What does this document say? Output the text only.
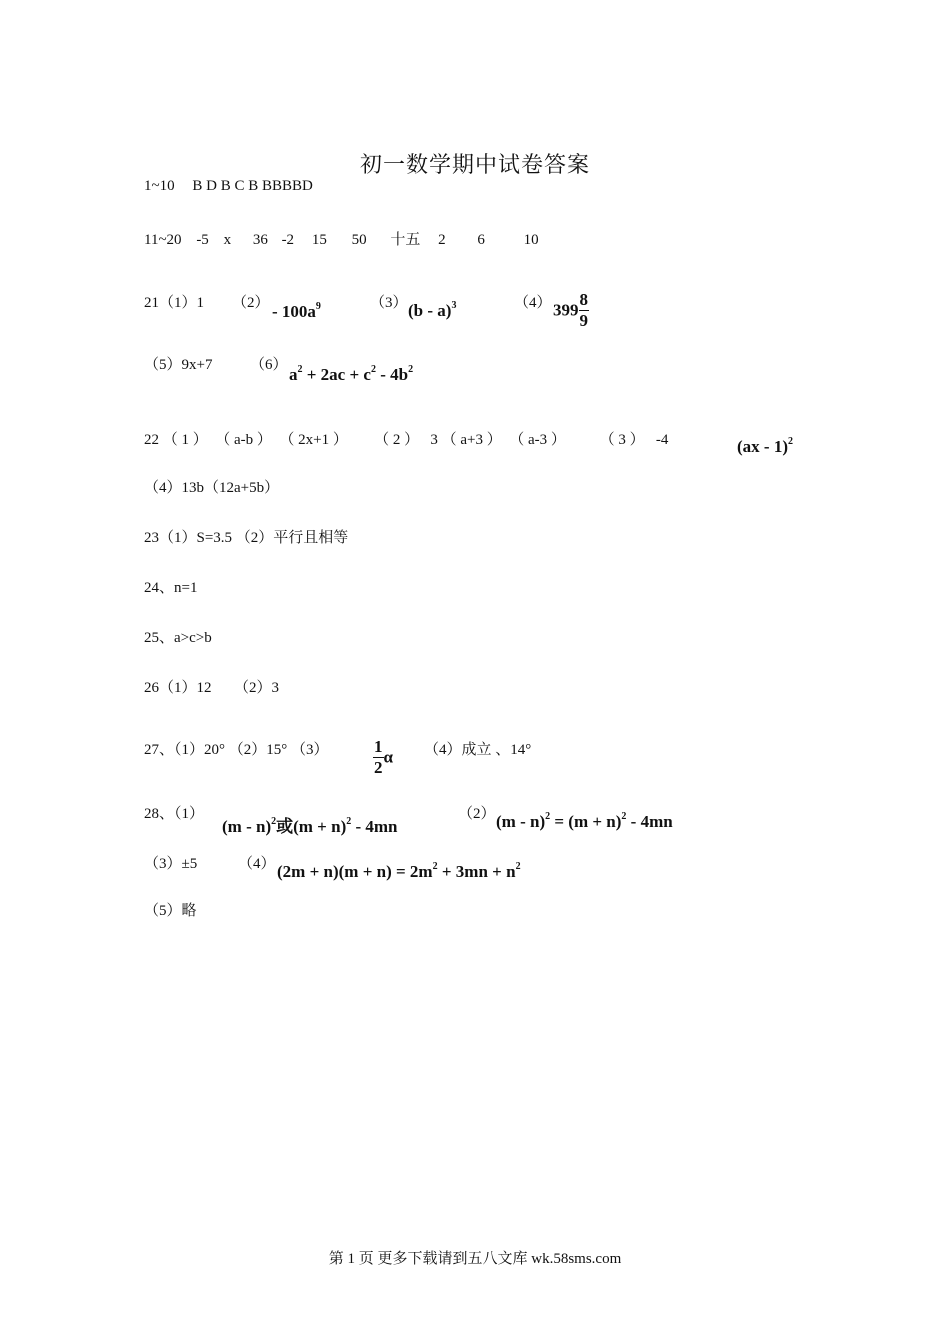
初一数学期中试卷答案
1~10 B D B C B BBBBD
11~20 -5 x 36 -2 15 50 十五 2 6	10
21（1）1 $(2) - 100a^9$	（3） (b - a)$^3$	（4） $399 \frac{8}{9}$
（5）9x+7	（6） $a^2 + 2ac + c^2 - 4b^2$
22 （ 1 ）  （ a-b ）  （ 2x+1 ）       （ 2 ）   3 （ a+3 ）  （ a-3 ）         （ 3 ）   -4	(ax - 1)$^2$
（4）13b（12a+5b）
23（1）S=3.5 （2）平行且相等
24、n=1
25、a>c>b
26（1）12      （2）3
27、（1）20° （2）15° （3）	$\frac{1}{2}$ α （4）成立 、14°
28、（1）
(m - n)$^2$或$(m + n)^2 - 4mn$
（2） $(m - n)^2 = (m + n)^2 - 4mn$
（3）±5	（4） $(2m + n)(m + n) = 2m^2 + 3mn + n^2$
（5）略
第 1 页 更多下载请到五八文库 wk.58sms.com
